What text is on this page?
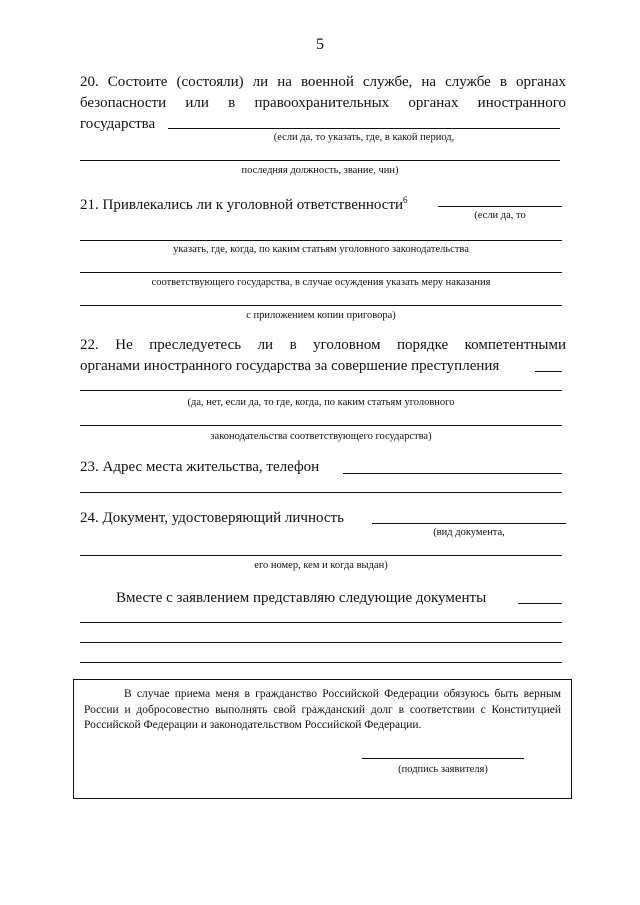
5
20. Состоите (состояли) ли на военной службе, на службе в органах
безопасности или в правоохранительных органах иностранного
государства
(если да, то указать, где, в какой период,
последняя должность, звание, чин)
21. Привлекались ли к уголовной ответственности$^6$
(если да, то
указать, где, когда, по каким статьям уголовного законодательства
соответствующего государства, в случае осуждения указать меру наказания
с приложением копии приговора)
22. Не преследуетесь ли в уголовном порядке компетентными
органами иностранного государства за совершение преступления
(да, нет, если да, то где, когда, по каким статьям уголовного
законодательства соответствующего государства)
23. Адрес места жительства, телефон
24. Документ, удостоверяющий личность
(вид документа,
его номер, кем и когда выдан)
Вместе с заявлением представляю следующие документы
В случае приема меня в гражданство Российской Федерации обязуюсь быть верным России и добросовестно выполнять свой гражданский долг в соответствии с Конституцией Российской Федерации и законодательством Российской Федерации.
(подпись заявителя)
